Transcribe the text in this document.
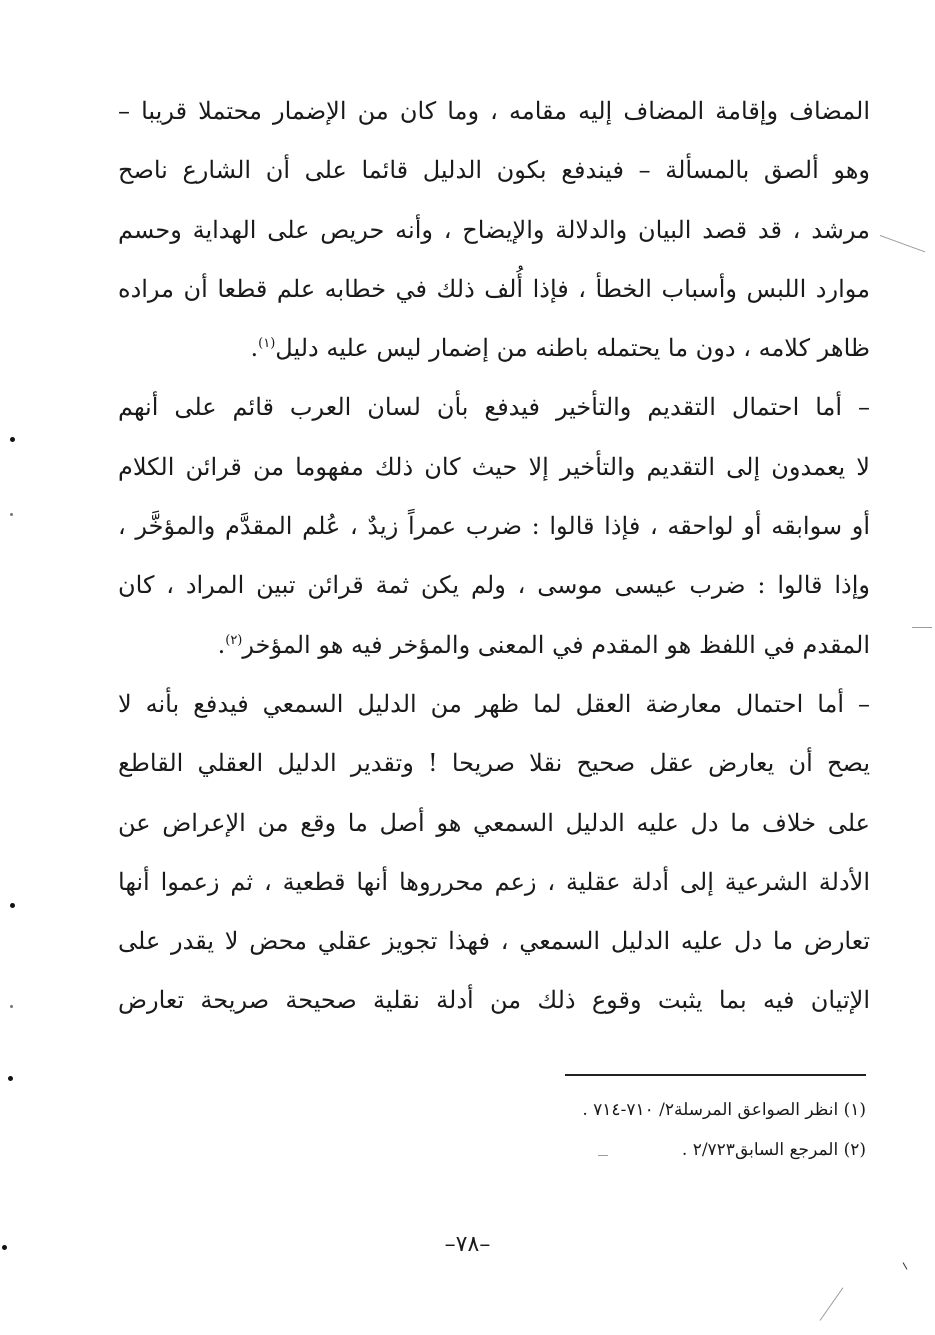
المضاف وإقامة المضاف إليه مقامه ، وما كان من الإضمار محتملا قريبا –
وهو ألصق بالمسألة – فيندفع بكون الدليل قائما على أن الشارع ناصح
مرشد ، قد قصد البيان والدلالة والإيضاح ، وأنه حريص على الهداية وحسم
موارد اللبس وأسباب الخطأ ، فإذا أُلف ذلك في خطابه علم قطعا أن مراده
ظاهر كلامه ، دون ما يحتمله باطنه من إضمار ليس عليه دليل$^{(١)}$.
– أما احتمال التقديم والتأخير فيدفع بأن لسان العرب قائم على أنهم
لا يعمدون إلى التقديم والتأخير إلا حيث كان ذلك مفهوما من قرائن الكلام
أو سوابقه أو لواحقه ، فإذا قالوا : ضرب عمراً زيدٌ ، عُلم المقدَّم والمؤخَّر ،
وإذا قالوا : ضرب عيسى موسى ، ولم يكن ثمة قرائن تبين المراد ، كان
المقدم في اللفظ هو المقدم في المعنى والمؤخر فيه هو المؤخر$^{(٢)}$.
– أما احتمال معارضة العقل لما ظهر من الدليل السمعي فيدفع بأنه لا
يصح أن يعارض عقل صحيح نقلا صريحا ! وتقدير الدليل العقلي القاطع
على خلاف ما دل عليه الدليل السمعي هو أصل ما وقع من الإعراض عن
الأدلة الشرعية إلى أدلة عقلية ، زعم محرروها أنها قطعية ، ثم زعموا أنها
تعارض ما دل عليه الدليل السمعي ، فهذا تجويز عقلي محض لا يقدر على
الإتيان فيه بما يثبت وقوع ذلك من أدلة نقلية صحيحة صريحة تعارض
(١) انظر الصواعق المرسلة٢/ ٧١٠-٧١٤ .
(٢) المرجع السابق٢/٧٢٣ .
–٧٨–
